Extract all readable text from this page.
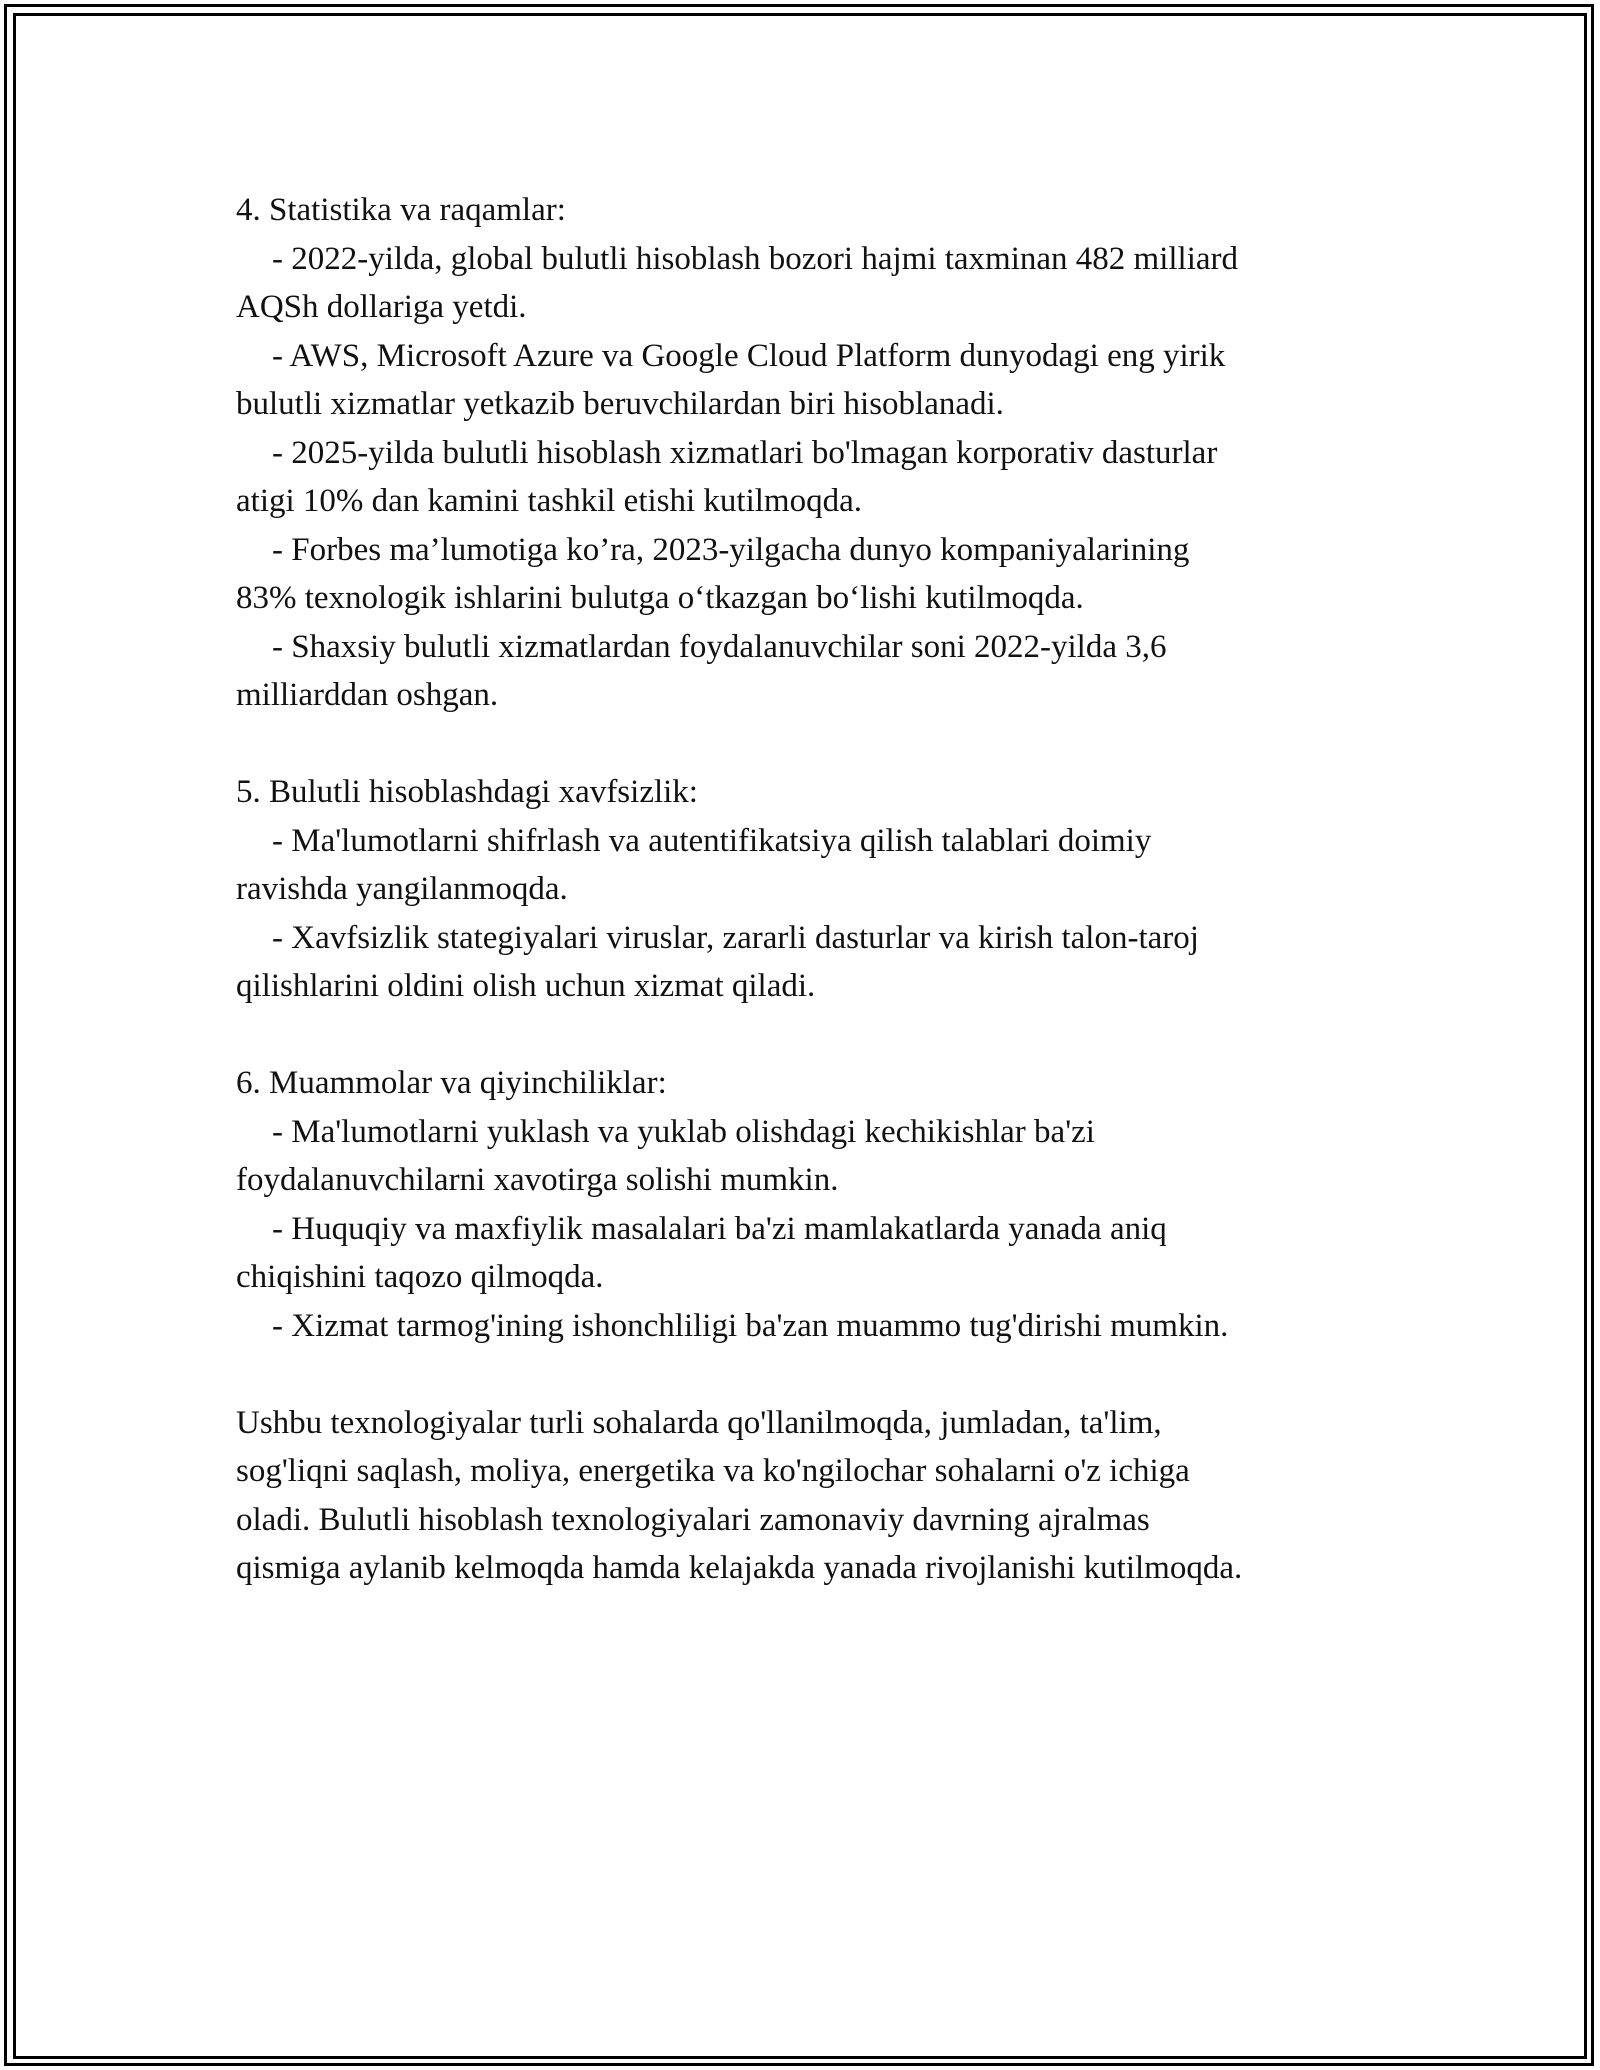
4. Statistika va raqamlar:

- 2022-yilda, global bulutli hisoblash bozori hajmi taxminan 482 milliard

AQSh dollariga yetdi.

- AWS, Microsoft Azure va Google Cloud Platform dunyodagi eng yirik

bulutli xizmatlar yetkazib beruvchilardan biri hisoblanadi.

- 2025-yilda bulutli hisoblash xizmatlari bo'lmagan korporativ dasturlar

atigi 10% dan kamini tashkil etishi kutilmoqda.

- Forbes ma’lumotiga ko’ra, 2023-yilgacha dunyo kompaniyalarining

83% texnologik ishlarini bulutga o‘tkazgan bo‘lishi kutilmoqda.

- Shaxsiy bulutli xizmatlardan foydalanuvchilar soni 2022-yilda 3,6

milliarddan oshgan.

5. Bulutli hisoblashdagi xavfsizlik:

- Ma'lumotlarni shifrlash va autentifikatsiya qilish talablari doimiy

ravishda yangilanmoqda.

- Xavfsizlik stategiyalari viruslar, zararli dasturlar va kirish talon-taroj

qilishlarini oldini olish uchun xizmat qiladi.

6. Muammolar va qiyinchiliklar:

- Ma'lumotlarni yuklash va yuklab olishdagi kechikishlar ba'zi

foydalanuvchilarni xavotirga solishi mumkin.

- Huquqiy va maxfiylik masalalari ba'zi mamlakatlarda yanada aniq

chiqishini taqozo qilmoqda.

- Xizmat tarmog'ining ishonchliligi ba'zan muammo tug'dirishi mumkin.

Ushbu texnologiyalar turli sohalarda qo'llanilmoqda, jumladan, ta'lim,

sog'liqni saqlash, moliya, energetika va ko'ngilochar sohalarni o'z ichiga

oladi. Bulutli hisoblash texnologiyalari zamonaviy davrning ajralmas

qismiga aylanib kelmoqda hamda kelajakda yanada rivojlanishi kutilmoqda.
